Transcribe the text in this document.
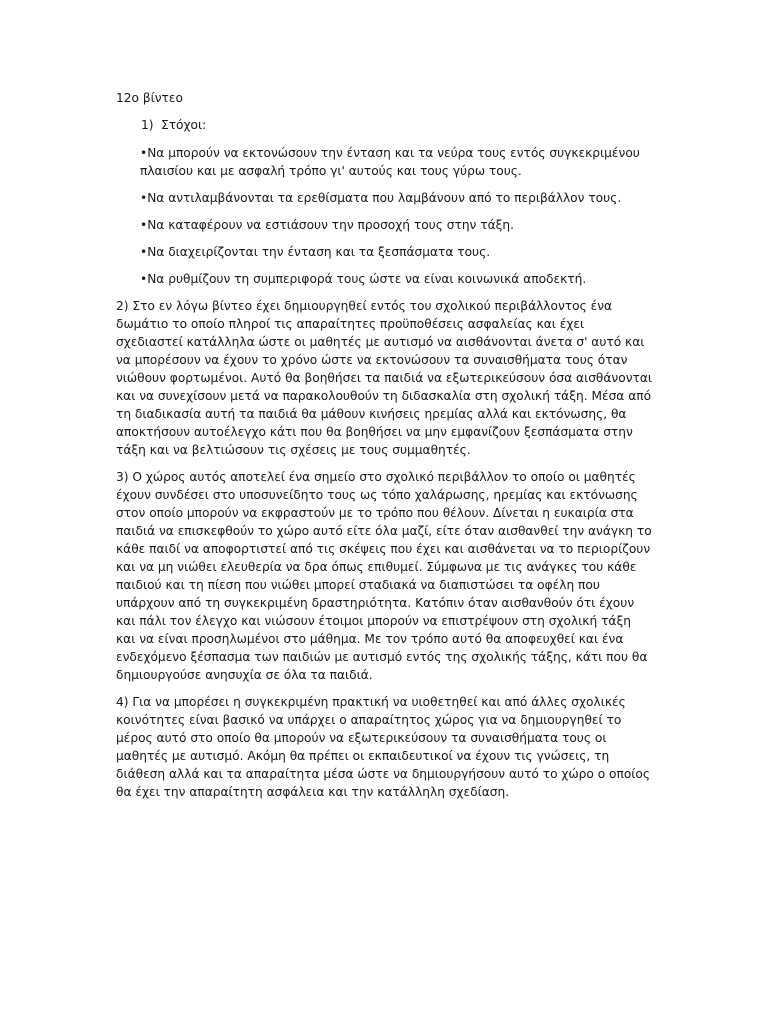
12ο βίντεο

1) Στόχοι:

•Να μπορούν να εκτονώσουν την ένταση και τα νεύρα τους εντός συγκεκριμένου πλαισίου και με ασφαλή τρόπο γι' αυτούς και τους γύρω τους.

•Να αντιλαμβάνονται τα ερεθίσματα που λαμβάνουν από το περιβάλλον τους.

•Να καταφέρουν να εστιάσουν την προσοχή τους στην τάξη.

•Να διαχειρίζονται την ένταση και τα ξεσπάσματα τους.

•Να ρυθμίζουν τη συμπεριφορά τους ώστε να είναι κοινωνικά αποδεκτή.

2) Στο εν λόγω βίντεο έχει δημιουργηθεί εντός του σχολικού περιβάλλοντος ένα δωμάτιο το οποίο πληροί τις απαραίτητες προϋποθέσεις ασφαλείας και έχει σχεδιαστεί κατάλληλα ώστε οι μαθητές με αυτισμό να αισθάνονται άνετα σ' αυτό και να μπορέσουν να έχουν το χρόνο ώστε να εκτονώσουν τα συναισθήματα τους όταν νιώθουν φορτωμένοι. Αυτό θα βοηθήσει τα παιδιά να εξωτερικεύσουν όσα αισθάνονται και να συνεχίσουν μετά να παρακολουθούν τη διδασκαλία στη σχολική τάξη. Μέσα από τη διαδικασία αυτή τα παιδιά θα μάθουν κινήσεις ηρεμίας αλλά και εκτόνωσης, θα αποκτήσουν αυτοέλεγχο κάτι που θα βοηθήσει να μην εμφανίζουν ξεσπάσματα στην τάξη και να βελτιώσουν τις σχέσεις με τους συμμαθητές.

3) Ο χώρος αυτός αποτελεί ένα σημείο στο σχολικό περιβάλλον το οποίο οι μαθητές έχουν συνδέσει στο υποσυνείδητο τους ως τόπο χαλάρωσης, ηρεμίας και εκτόνωσης στον οποίο μπορούν να εκφραστούν με το τρόπο που θέλουν. Δίνεται η ευκαιρία στα παιδιά να επισκεφθούν το χώρο αυτό είτε όλα μαζί, είτε όταν αισθανθεί την ανάγκη το κάθε παιδί να αποφορτιστεί από τις σκέψεις που έχει και αισθάνεται να το περιορίζουν και να μη νιώθει ελευθερία να δρα όπως επιθυμεί. Σύμφωνα με τις ανάγκες του κάθε παιδιού και τη πίεση που νιώθει μπορεί σταδιακά να διαπιστώσει τα οφέλη που υπάρχουν από τη συγκεκριμένη δραστηριότητα. Κατόπιν όταν αισθανθούν ότι έχουν και πάλι τον έλεγχο και νιώσουν έτοιμοι μπορούν να επιστρέψουν στη σχολική τάξη και να είναι προσηλωμένοι στο μάθημα. Με τον τρόπο αυτό θα αποφευχθεί και ένα ενδεχόμενο ξέσπασμα των παιδιών με αυτισμό εντός της σχολικής τάξης, κάτι που θα δημιουργούσε ανησυχία σε όλα τα παιδιά.

4) Για να μπορέσει η συγκεκριμένη πρακτική να υιοθετηθεί και από άλλες σχολικές κοινότητες είναι βασικό να υπάρχει ο απαραίτητος χώρος για να δημιουργηθεί το μέρος αυτό στο οποίο θα μπορούν να εξωτερικεύσουν τα συναισθήματα τους οι μαθητές με αυτισμό. Ακόμη θα πρέπει οι εκπαιδευτικοί να έχουν τις γνώσεις, τη διάθεση αλλά και τα απαραίτητα μέσα ώστε να δημιουργήσουν αυτό το χώρο ο οποίος θα έχει την απαραίτητη ασφάλεια και την κατάλληλη σχεδίαση.
